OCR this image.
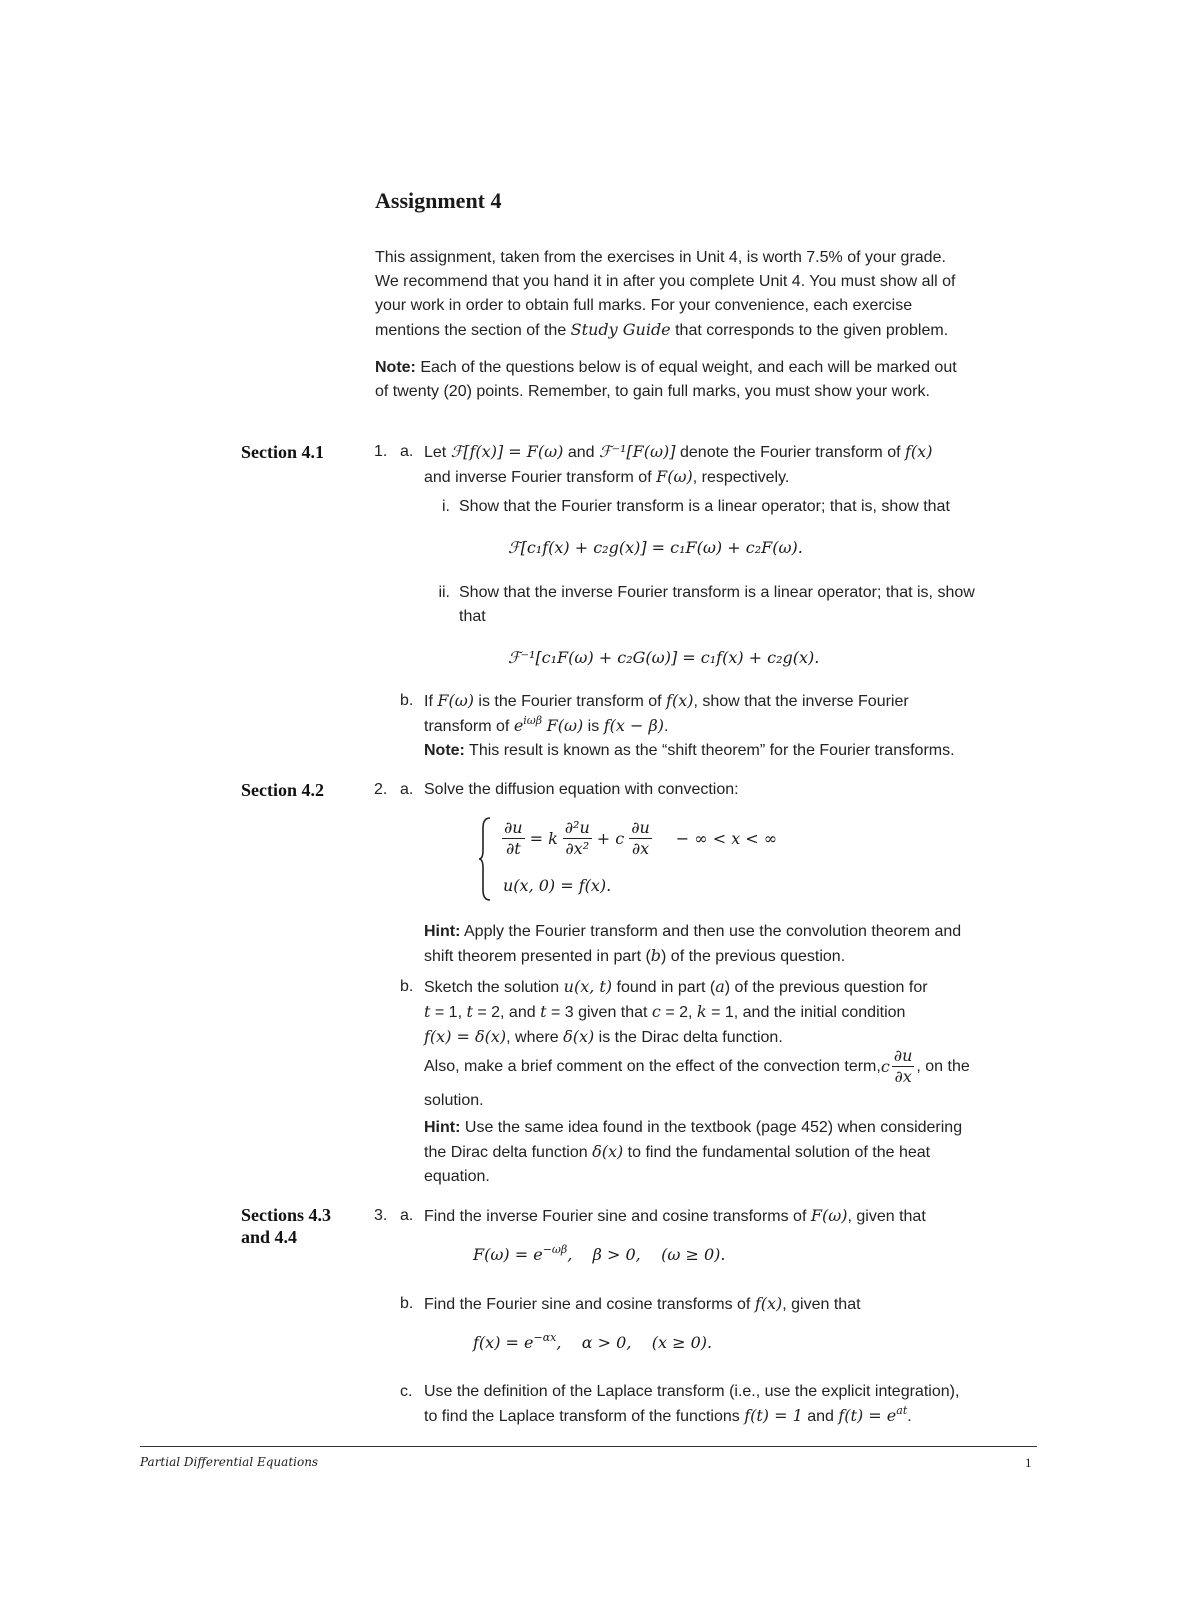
Assignment 4
This assignment, taken from the exercises in Unit 4, is worth 7.5% of your grade.
We recommend that you hand it in after you complete Unit 4. You must show all of
your work in order to obtain full marks. For your convenience, each exercise
mentions the section of the Study Guide that corresponds to the given problem.
Note: Each of the questions below is of equal weight, and each will be marked out
of twenty (20) points. Remember, to gain full marks, you must show your work.
Section 4.1
Section 4.2
Sections 4.3
and 4.4
1. a. Let ℱ[f(x)] = F(ω) and ℱ⁻¹[F(ω)] denote the Fourier transform of f(x)
and inverse Fourier transform of F(ω), respectively.
i. Show that the Fourier transform is a linear operator; that is, show that
ℱ[c₁f(x) + c₂g(x)] = c₁F(ω) + c₂F(ω).
ii. Show that the inverse Fourier transform is a linear operator; that is, show
that
ℱ⁻¹[c₁F(ω) + c₂G(ω)] = c₁f(x) + c₂g(x).
b. If F(ω) is the Fourier transform of f(x), show that the inverse Fourier
transform of $e^{i\omega\beta}$ F(ω) is f(x − β).
Note: This result is known as the “shift theorem” for the Fourier transforms.
2. a. Solve the diffusion equation with convection:
$\frac{\partial u}{\partial t} = k \frac{\text{∂²u}}{\text{∂x²}} + c \frac{\partial u}{\partial x}$ − ∞ < x < ∞
u(x, 0) = f(x).
Hint: Apply the Fourier transform and then use the convolution theorem and
shift theorem presented in part (b) of the previous question.
b. Sketch the solution u(x, t) found in part (a) of the previous question for
t = 1, t = 2, and t = 3 given that c = 2, k = 1, and the initial condition
f(x) = δ(x), where δ(x) is the Dirac delta function.
Also, make a brief comment on the effect of the convection term, c $\frac{\partial u}{\partial x}$ , on the
solution.
Hint: Use the same idea found in the textbook (page 452) when considering
the Dirac delta function δ(x) to find the fundamental solution of the heat
equation.
3. a. Find the inverse Fourier sine and cosine transforms of F(ω), given that
$F(\omega) = e^{-\omega\beta}$,    β > 0,    (ω ≥ 0).
b. Find the Fourier sine and cosine transforms of f(x), given that
$f(x) = e^{-\alpha x}$,    α > 0,    (x ≥ 0).
c. Use the definition of the Laplace transform (i.e., use the explicit integration),
to find the Laplace transform of the functions f(t) = 1 and $f(t) = e^{at}$.
Partial Differential Equations	1
